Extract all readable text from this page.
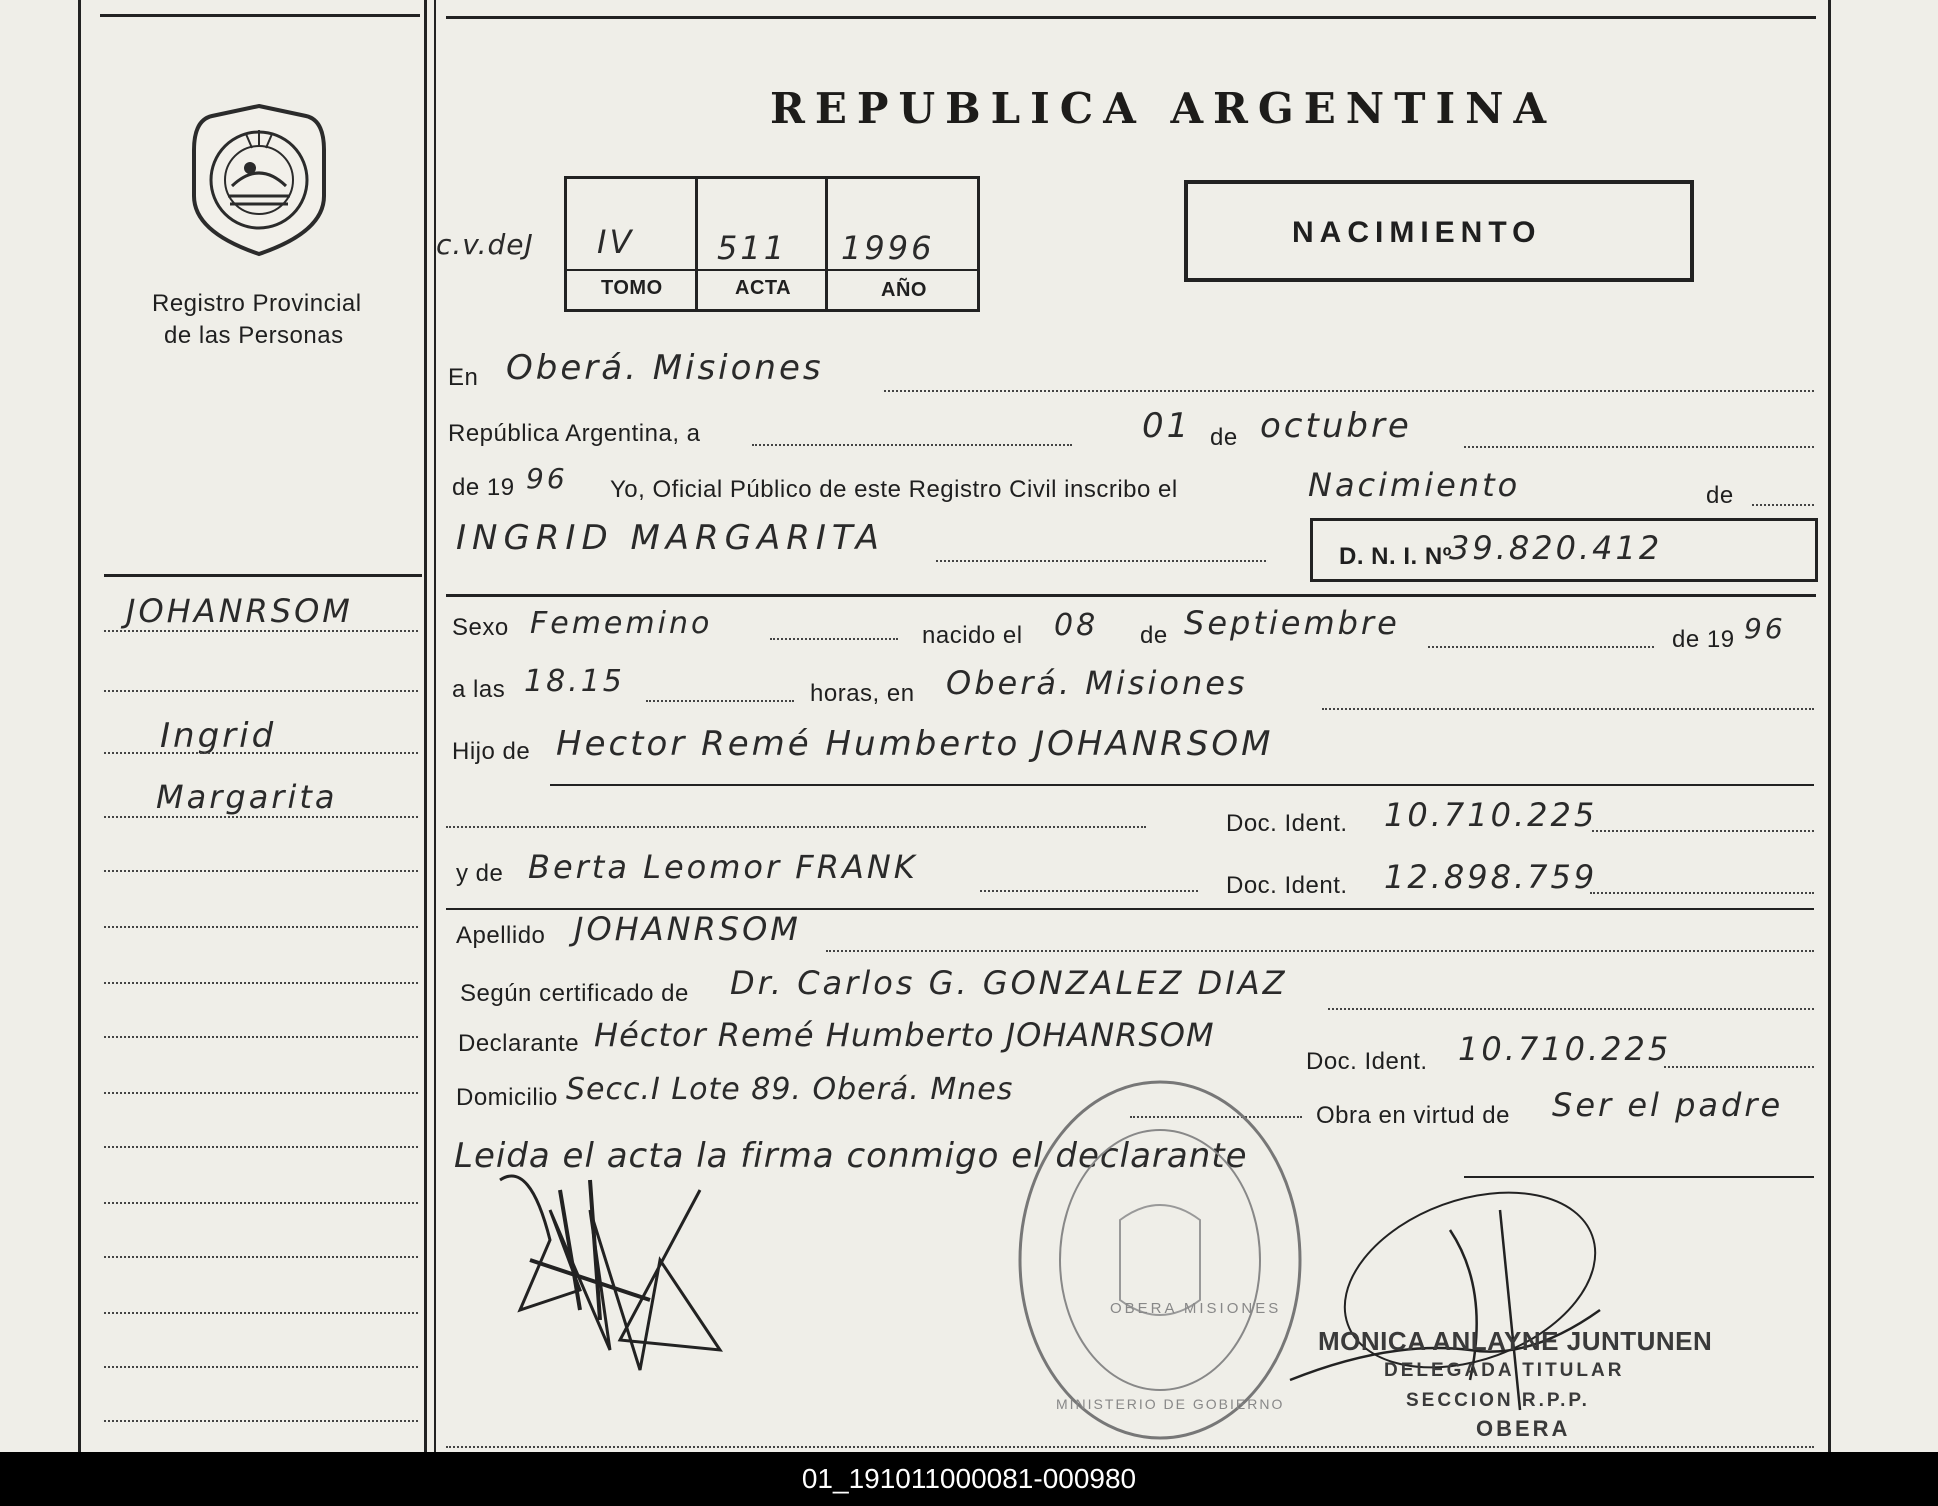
Registro Provincial
de las Personas
REPUBLICA ARGENTINA
c.v.deJ IV	511 1996
TOMO	ACTA	AÑO
NACIMIENTO
En Oberá. Misiones
República Argentina, a	01 de octubre
de 19 96 Yo, Oficial Público de este Registro Civil inscribo el	Nacimiento	de
INGRID MARGARITA	D. N. I. Nº
39.820.412
Sexo Fememino	nacido el 08 de Septiembre	de 19 96
a las 18.15	horas, en Oberá. Misiones
Hijo de Hector Remé Humberto JOHANRSOM
Doc. Ident. 10.710.225
y de Berta Leomor FRANK	Doc. Ident. 12.898.759
Apellido JOHANRSOM
Según certificado de Dr. Carlos G. GONZALEZ DIAZ
Declarante Héctor Remé Humberto JOHANRSOM
Doc. Ident. 10.710.225
Domicilio Secc.I Lote 89. Oberá. Mnes
Obra en virtud de Ser el padre
Leida el acta la firma conmigo el declarante
JOHANRSOM
Ingrid
Margarita
OBERA MISIONES
MINISTERIO DE GOBIERNO
MONICA ANLAYNE JUNTUNEN
DELEGADA TITULAR
SECCION R.P.P.
OBERA
01_191011000081-000980
